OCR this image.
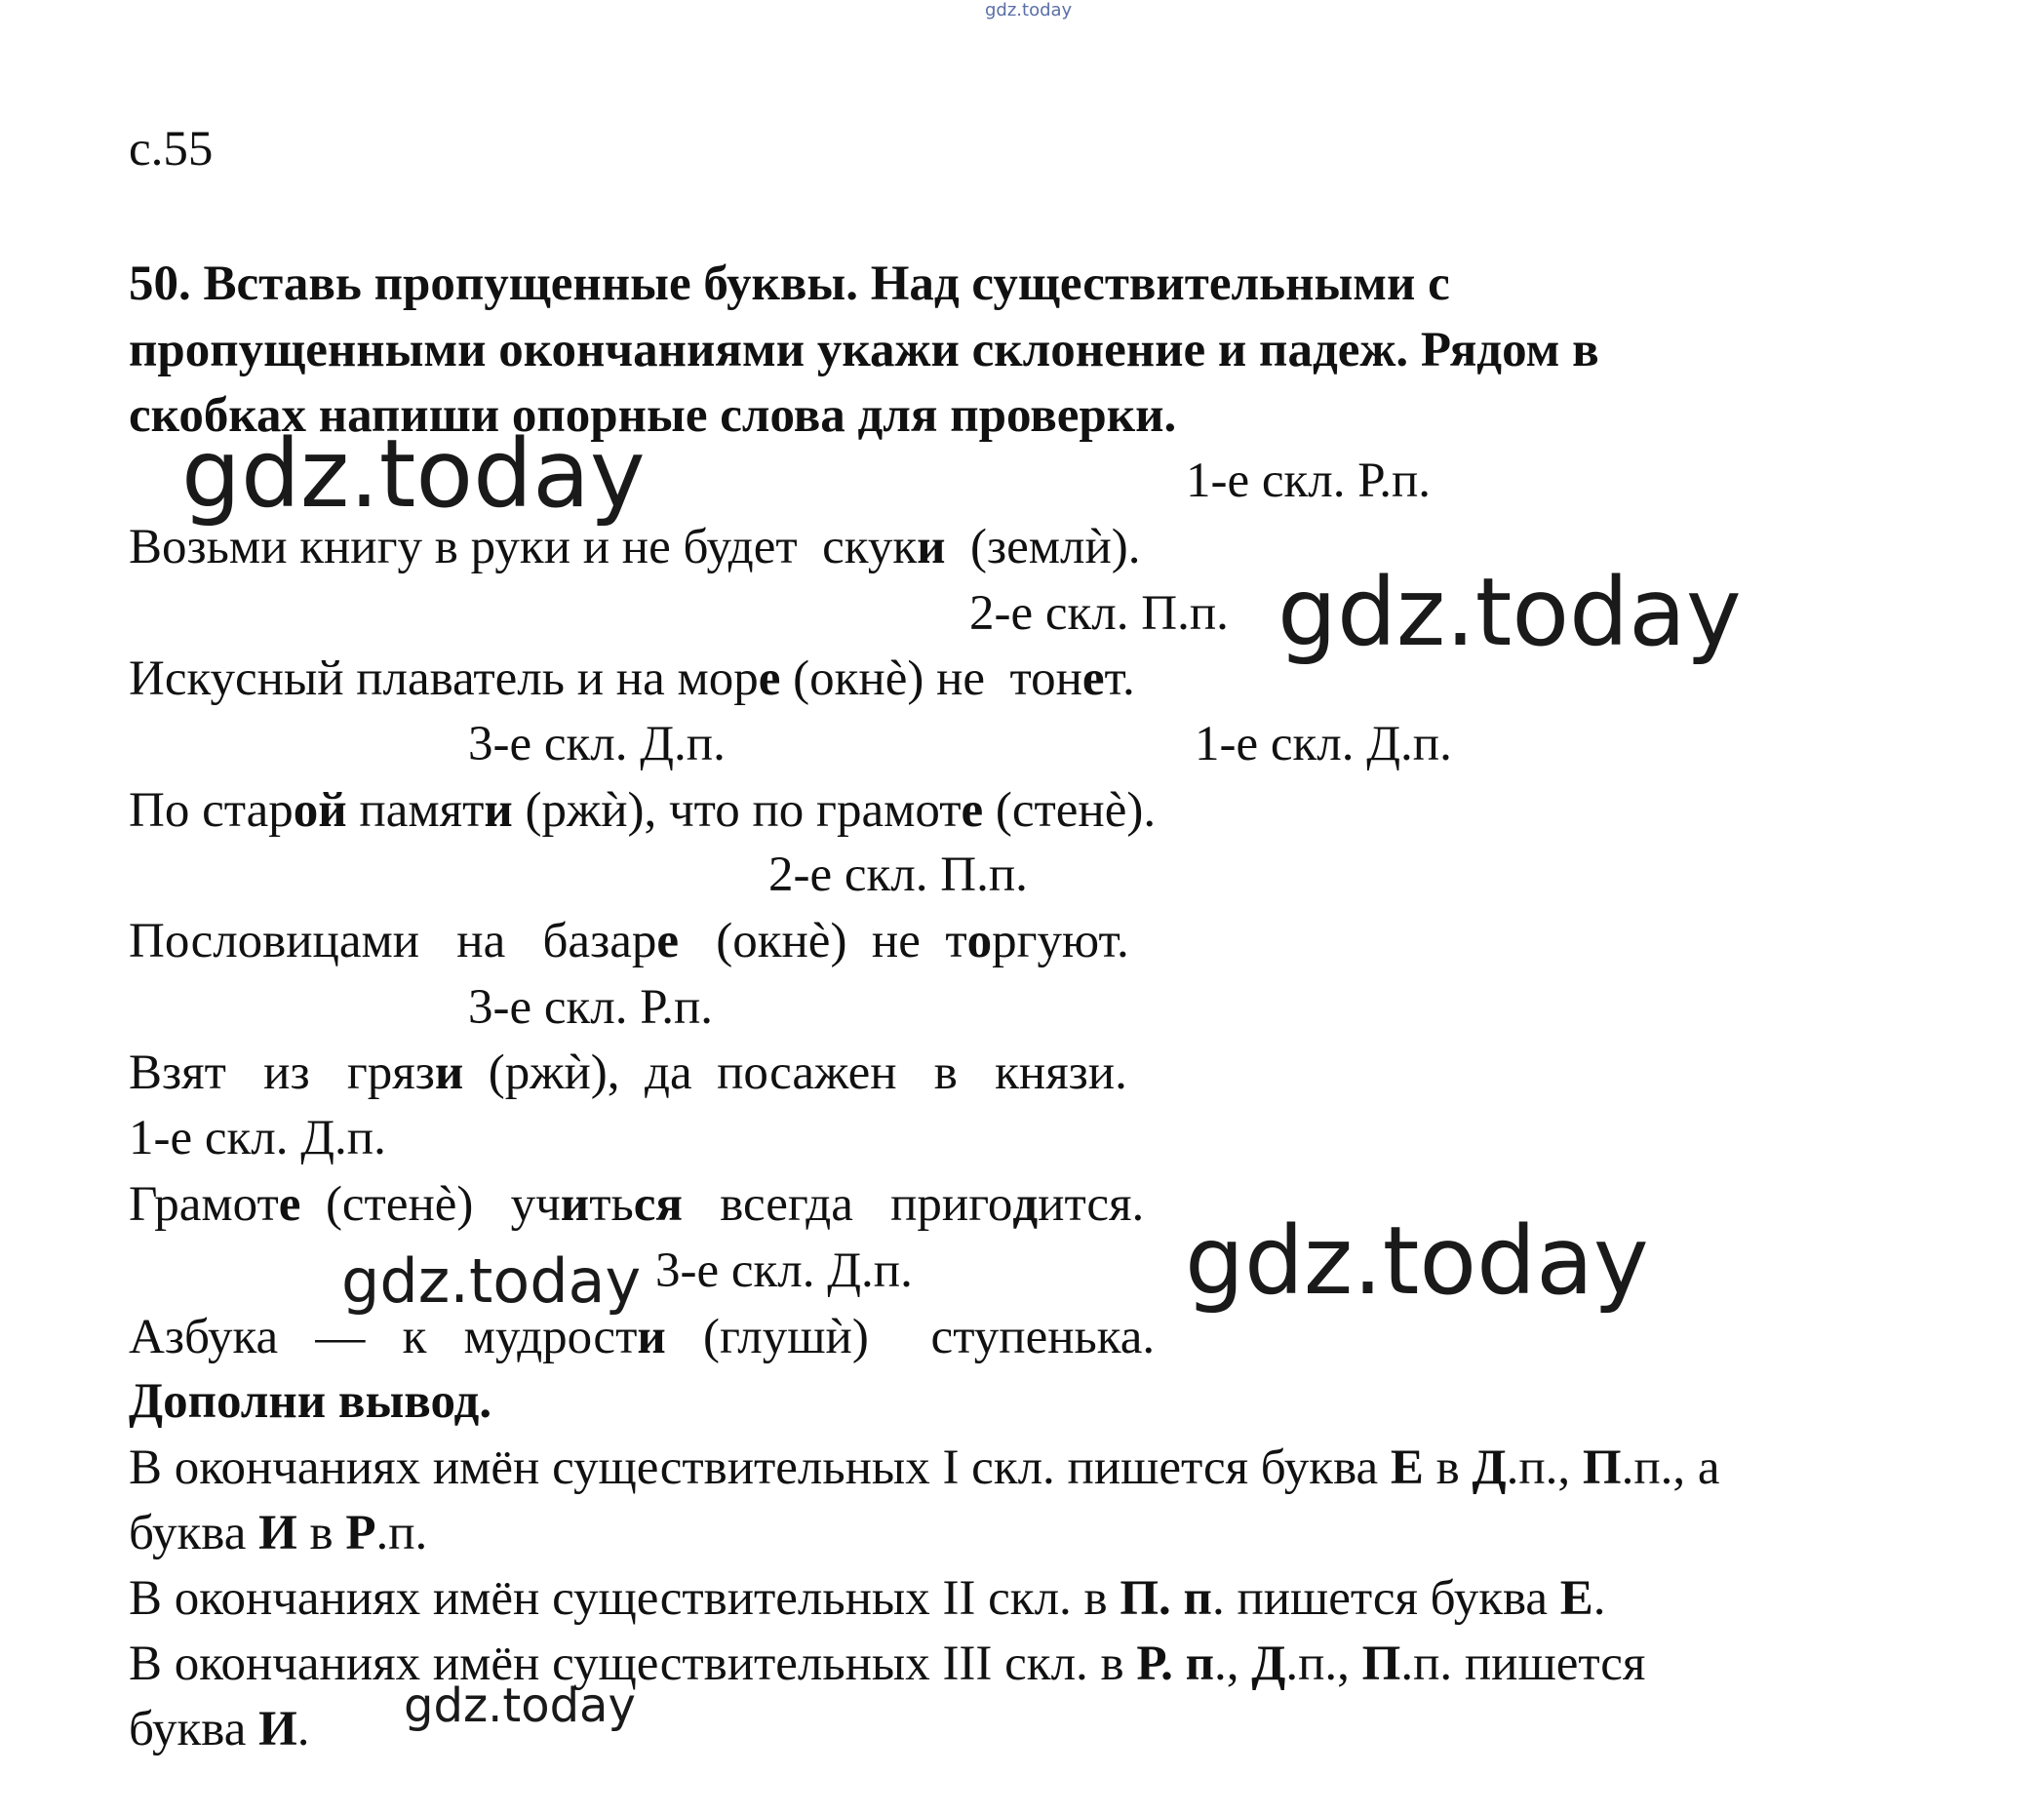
gdz.today
gdz.today
gdz.today
gdz.today	gdz.today
gdz.today
с.55
50. Вставь пропущенные буквы. Над существительными с
пропущенными окончаниями укажи склонение и падеж. Рядом в
скобках напиши опорные слова для проверки.
1-е скл. Р.п.
Возьми книгу в руки и не будет  скуки  (землѝ).
2-е скл. П.п.
Искусный плаватель и на море (окнѐ) не  тонет.
3-е скл. Д.п.	1-е скл. Д.п.
По старой памяти (ржѝ), что по грамоте (стенѐ).
2-е скл. П.п.
Пословицами   на   базаре   (окнѐ)  не  торгуют.
3-е скл. Р.п.
Взят   из   грязи  (ржѝ),  да  посажен   в   князи.
1-е скл. Д.п.
Грамоте  (стенѐ)   учиться   всегда   пригодится.
3-е скл. Д.п.
Азбука   —   к   мудрости   (глушѝ)     ступенька.
Дополни вывод.
В окончаниях имён существительных I скл. пишется буква Е в Д.п., П.п., а
буква И в Р.п.
В окончаниях имён существительных II скл. в П. п. пишется буква Е.
В окончаниях имён существительных III скл. в Р. п., Д.п., П.п. пишется
буква И.
